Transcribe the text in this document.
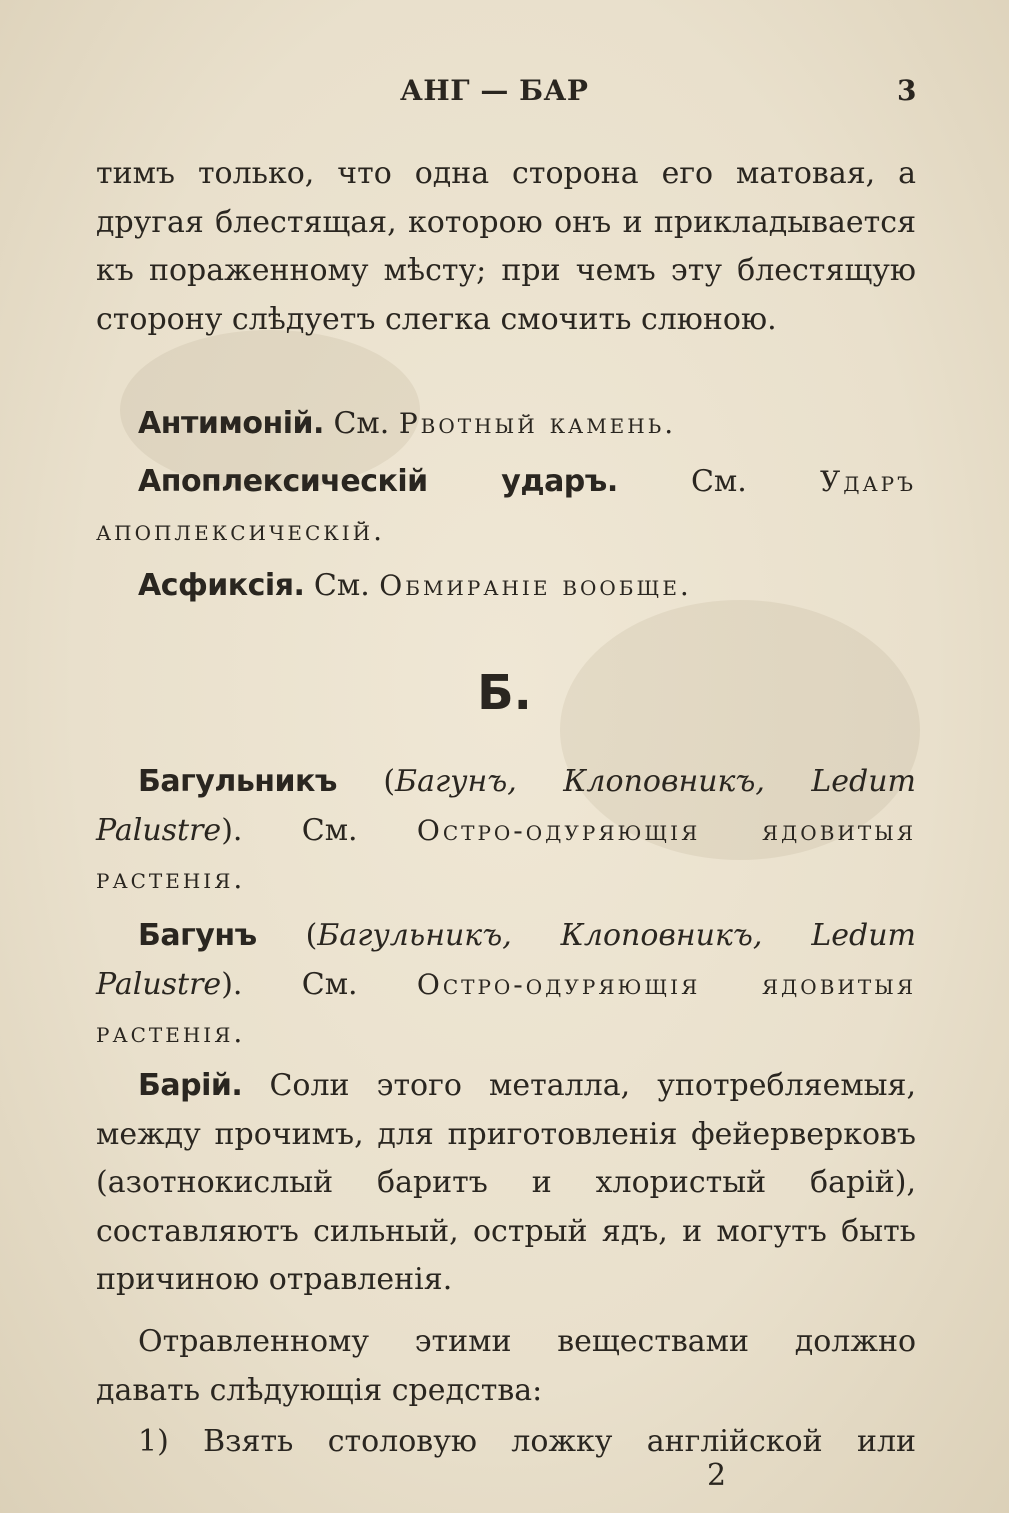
АНГ — БАР	3
тимъ только, что одна сторона его матовая, а другая блестящая, которою онъ и прикладывается къ пораженному мѣсту; при чемъ эту блестящую сторону слѣдуетъ слегка смочить слюною.
Антимоній. См. Рвотный камень.
Апоплексическій ударъ. См.	Ударъ апоплексическій.
Асфиксія. См. Обмираніе вообще.
Б.
Багульникъ (Багунъ, Клоповникъ, Ledum Palustre). См. Остро-одуряющія ядовитыя растенія.
Багунъ (Багульникъ, Клоповникъ, Ledum Palustre). См. Остро-одуряющія ядовитыя растенія.
Барій. Соли этого металла, употребляемыя, между прочимъ, для приготовленія фейерверковъ (азотнокислый баритъ и хлористый барій), составляютъ сильный, острый ядъ, и могутъ быть причиною отравленія.
Отравленному этими веществами должно давать слѣдующія средства:
1) Взять столовую ложку англійской или
2
